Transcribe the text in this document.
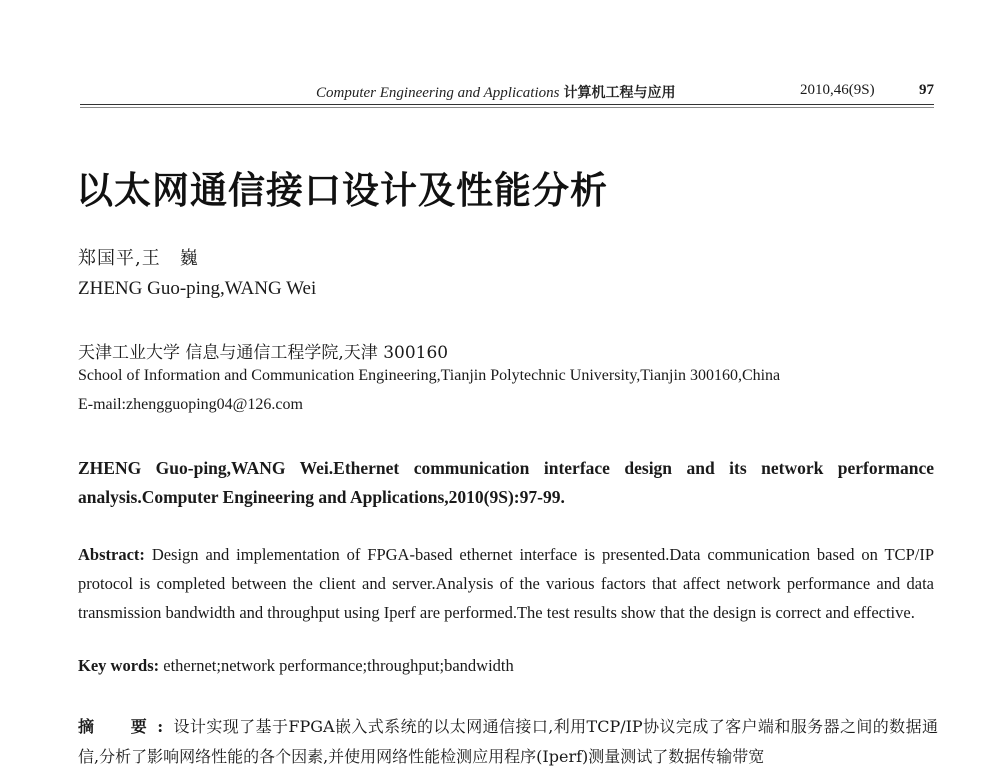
Computer Engineering and Applications 计算机工程与应用	2010,46(9S)	97
以太网通信接口设计及性能分析
郑国平,王　巍
ZHENG Guo-ping,WANG Wei
天津工业大学 信息与通信工程学院,天津 300160
School of Information and Communication Engineering,Tianjin Polytechnic University,Tianjin 300160,China
E-mail:zhengguoping04@126.com
ZHENG Guo-ping,WANG Wei.Ethernet communication interface design and its network performance analysis.Computer Engineering and Applications,2010(9S):97-99.
Abstract: Design and implementation of FPGA-based ethernet interface is presented.Data communication based on TCP/IP protocol is completed between the client and server.Analysis of the various factors that affect network performance and data transmission bandwidth and throughput using Iperf are performed.The test results show that the design is correct and effective.
Key words: ethernet;network performance;throughput;bandwidth
摘　要:设计实现了基于FPGA嵌入式系统的以太网通信接口,利用TCP/IP协议完成了客户端和服务器之间的数据通信,分析了影响网络性能的各个因素,并使用网络性能检测应用程序(Iperf)测量测试了数据传输带宽
